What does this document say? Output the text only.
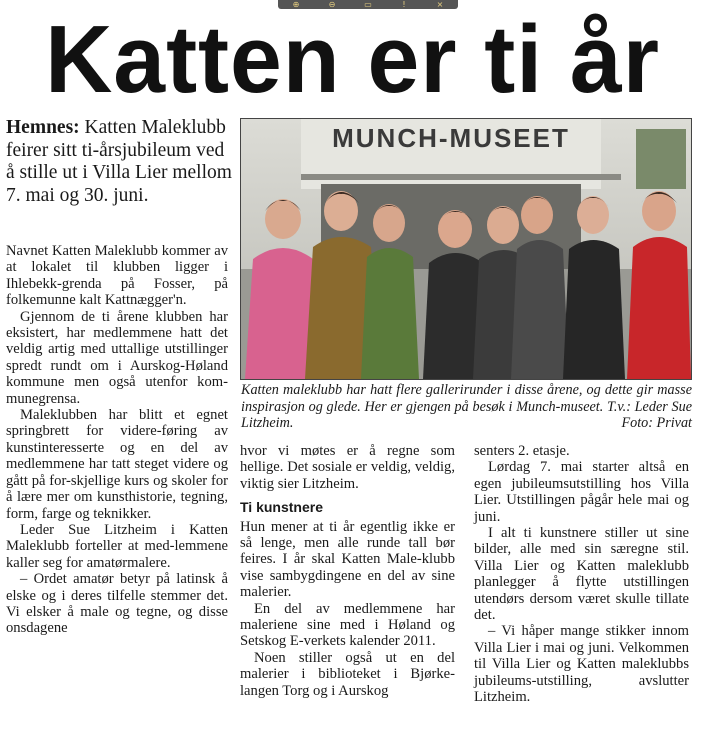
⊕	⊖	▭	!	×
Katten er ti år
Hemnes: Katten Maleklubb feirer sitt ti-årsjubileum ved å stille ut i Villa Lier mellom 7. mai og 30. juni.
MUNCH-MUSEET
Katten maleklubb har hatt flere gallerirunder i disse årene, og dette gir masse inspirasjon og glede. Her er gjengen på besøk i Munch-museet. T.v.: Leder Sue Litzheim.	Foto: Privat

Navnet Katten Maleklubb kommer av at lokalet til klubben ligger i Ihlebekk-grenda på Fosser, på folkemunne kalt Kattnægger'n.

Gjennom de ti årene klubben har eksistert, har medlemmene hatt det veldig artig med uttallige utstillinger spredt rundt om i Aurskog-Høland kommune men også utenfor kom-munegrensa.

Maleklubben har blitt et egnet springbrett for videre-føring av kunstinteresserte og en del av medlemmene har tatt steget videre og gått på for-skjellige kurs og skoler for å lære mer om kunsthistorie, tegning, form, farge og teknikker.

Leder Sue Litzheim i Katten Maleklubb forteller at med-lemmene kaller seg for amatørmalere.

– Ordet amatør betyr på latinsk å elske og i deres tilfelle stemmer det. Vi elsker å male og tegne, og disse onsdagene

hvor vi møtes er å regne som hellige. Det sosiale er veldig, veldig, viktig sier Litzheim.

Ti kunstnere

Hun mener at ti år egentlig ikke er så lenge, men alle runde tall bør feires. I år skal Katten Male-klubb vise sambygdingene en del av sine malerier.

En del av medlemmene har maleriene sine med i Høland og Setskog E-verkets kalender 2011.

Noen stiller også ut en del malerier i biblioteket i Bjørke-langen Torg og i Aurskog

senters 2. etasje.

Lørdag 7. mai starter altså en egen jubileumsutstilling hos Villa Lier. Utstillingen pågår hele mai og juni.

I alt ti kunstnere stiller ut sine bilder, alle med sin særegne stil. Villa Lier og Katten maleklubb planlegger å flytte utstillingen utendørs dersom været skulle tillate det.

– Vi håper mange stikker innom Villa Lier i mai og juni. Velkommen til Villa Lier og Katten maleklubbs jubileums-utstilling, avslutter Litzheim.
